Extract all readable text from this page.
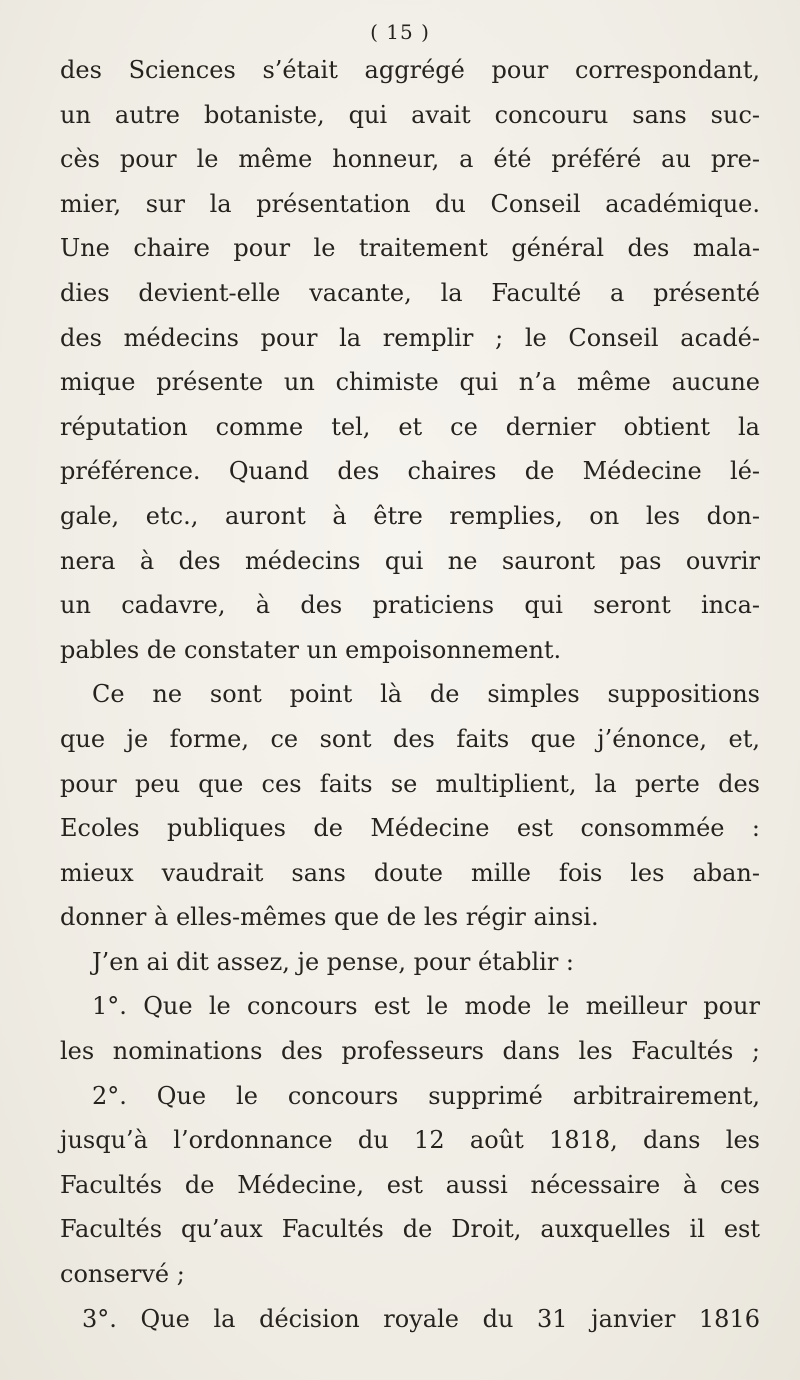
( 15 )
des Sciences s’était aggrégé pour correspondant,
un autre botaniste, qui avait concouru sans suc-
cès pour le même honneur, a été préféré au pre-
mier, sur la présentation du Conseil académique.
Une chaire pour le traitement général des mala-
dies devient-elle vacante, la Faculté a présenté
des médecins pour la remplir ; le Conseil acadé-
mique présente un chimiste qui n’a même aucune
réputation comme tel, et ce dernier obtient la
préférence. Quand des chaires de Médecine lé-
gale, etc., auront à être remplies, on les don-
nera à des médecins qui ne sauront pas ouvrir
un cadavre, à des praticiens qui seront inca-
pables de constater un empoisonnement.
Ce ne sont point là de simples suppositions
que je forme, ce sont des faits que j’énonce, et,
pour peu que ces faits se multiplient, la perte des
Ecoles publiques de Médecine est consommée :
mieux vaudrait sans doute mille fois les aban-
donner à elles-mêmes que de les régir ainsi.
J’en ai dit assez, je pense, pour établir :
1°. Que le concours est le mode le meilleur pour
les nominations des professeurs dans les Facultés ;
2°. Que le concours supprimé arbitrairement,
jusqu’à l’ordonnance du 12 août 1818, dans les
Facultés de Médecine, est aussi nécessaire à ces
Facultés qu’aux Facultés de Droit, auxquelles il est
conservé ;
3°. Que la décision royale du 31 janvier 1816
